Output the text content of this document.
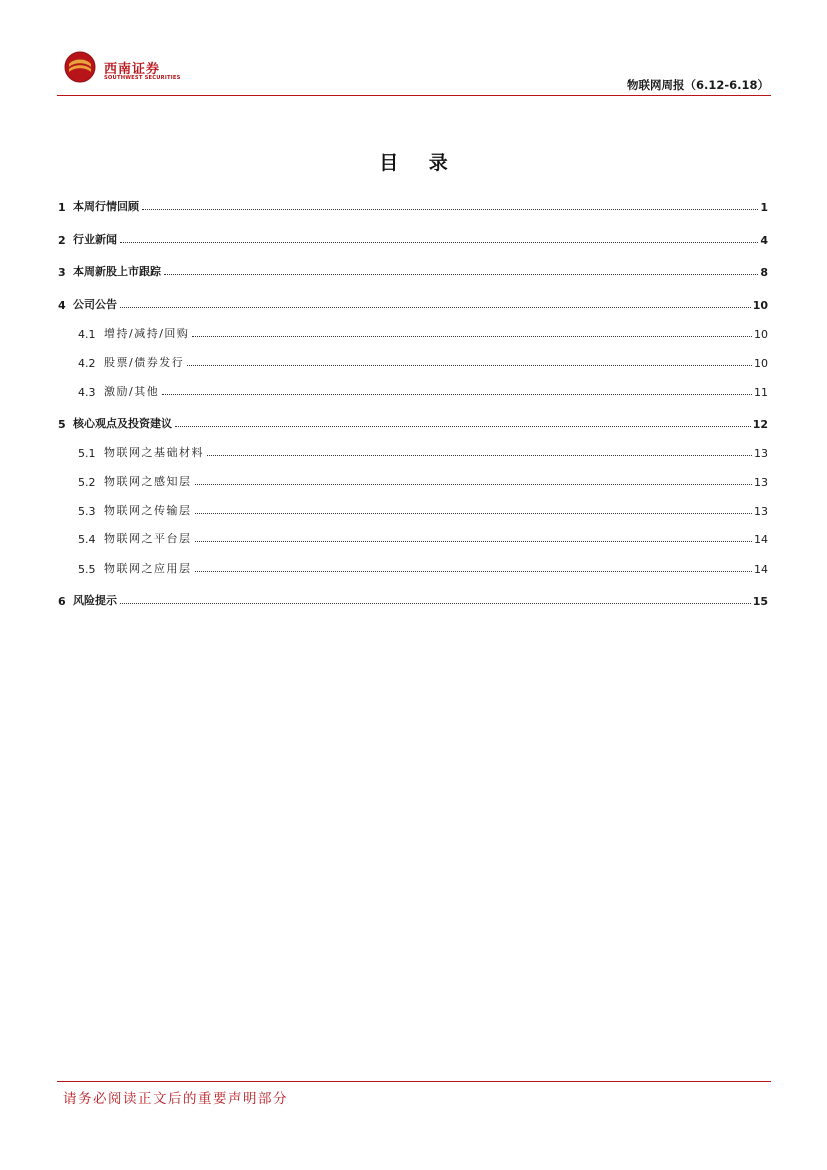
西南证券
SOUTHWEST SECURITIES	物联网周报（6.12-6.18）
目 录
1 本周行情回顾	1
2 行业新闻	4
3 本周新股上市跟踪	8
4 公司公告	10
4.1 增持/减持/回购	10
4.2 股票/债券发行	10
4.3 激励/其他	11
5 核心观点及投资建议	12
5.1 物联网之基础材料	13
5.2 物联网之感知层	13
5.3 物联网之传输层	13
5.4 物联网之平台层	14
5.5 物联网之应用层	14
6 风险提示	15
请务必阅读正文后的重要声明部分
